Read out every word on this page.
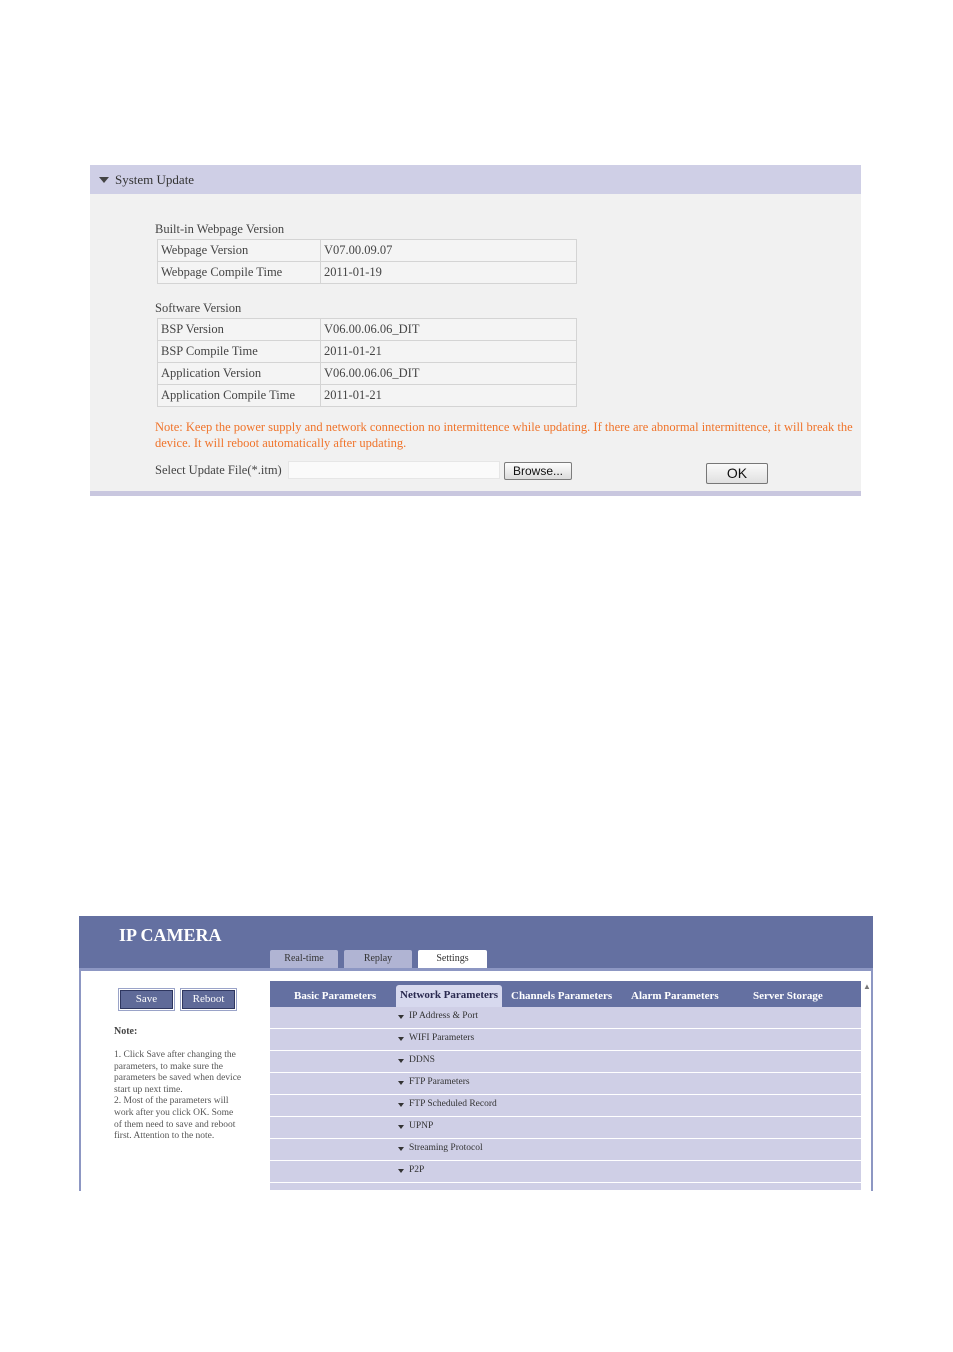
System Update
Built-in Webpage Version
Webpage Version	V07.00.09.07
Webpage Compile Time	2011-01-19
Software Version
BSP Version	V06.00.06.06_DIT
BSP Compile Time	2011-01-21
Application Version	V06.00.06.06_DIT
Application Compile Time	2011-01-21
Note: Keep the power supply and network connection no intermittence while updating. If there are abnormal intermittence, it will break the device. It will reboot automatically after updating.
Select Update File(*.itm)	Browse...	OK
IP CAMERA
Real-time	Replay	Settings
Save	Reboot
Note:
1. Click Save after changing the
parameters, to make sure the
parameters be saved when device
start up next time.
2. Most of the parameters will
work after you click OK. Some
of them need to save and reboot
first. Attention to the note.
Basic Parameters	Network Parameters	Channels Parameters Alarm Parameters	Server Storage
IP Address & Port
WIFI Parameters
DDNS
FTP Parameters
FTP Scheduled Record
UPNP
Streaming Protocol
P2P
▲
